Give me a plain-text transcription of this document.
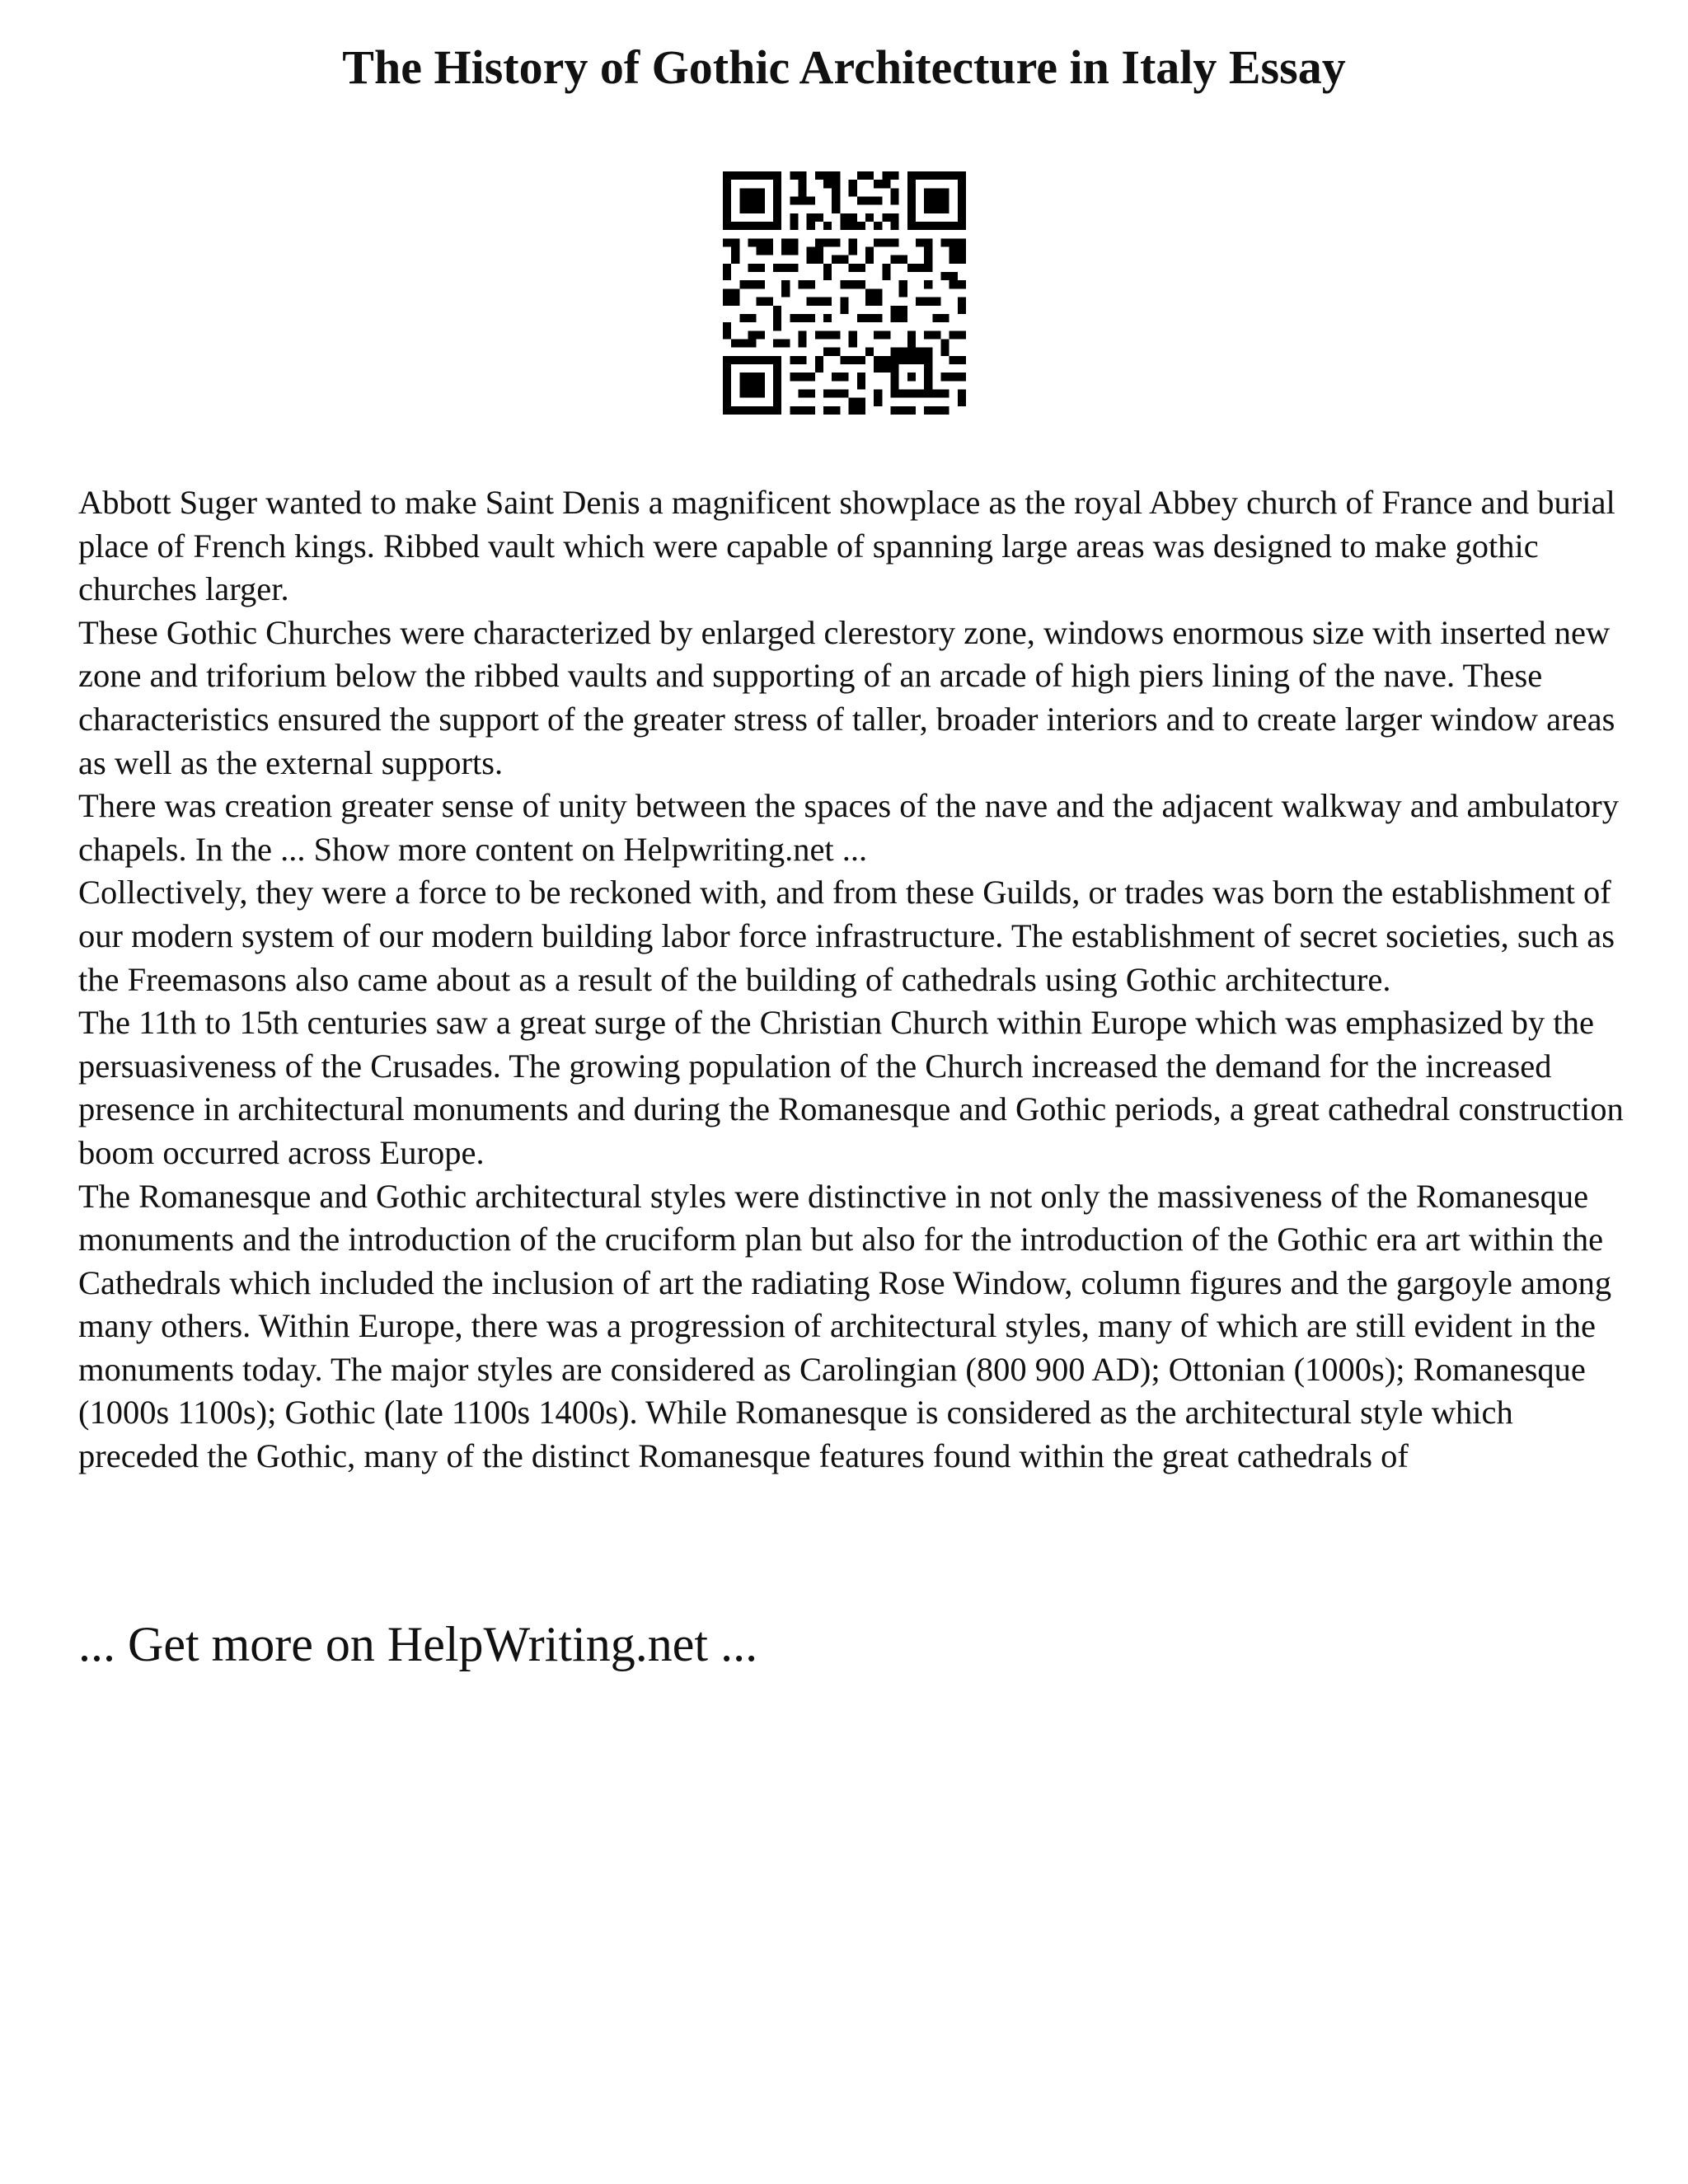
The History of Gothic Architecture in Italy Essay

Abbott Suger wanted to make Saint Denis a magnificent showplace as the royal Abbey church of France and burial place of French kings. Ribbed vault which were capable of spanning large areas was designed to make gothic churches larger.

These Gothic Churches were characterized by enlarged clerestory zone, windows enormous size with inserted new zone and triforium below the ribbed vaults and supporting of an arcade of high piers lining of the nave. These characteristics ensured the support of the greater stress of taller, broader interiors and to create larger window areas as well as the external supports.

There was creation greater sense of unity between the spaces of the nave and the adjacent walkway and ambulatory chapels. In the ... Show more content on Helpwriting.net ...

Collectively, they were a force to be reckoned with, and from these Guilds, or trades was born the establishment of our modern system of our modern building labor force infrastructure. The establishment of secret societies, such as the Freemasons also came about as a result of the building of cathedrals using Gothic architecture.

The 11th to 15th centuries saw a great surge of the Christian Church within Europe which was emphasized by the persuasiveness of the Crusades. The growing population of the Church increased the demand for the increased presence in architectural monuments and during the Romanesque and Gothic periods, a great cathedral construction boom occurred across Europe.

The Romanesque and Gothic architectural styles were distinctive in not only the massiveness of the Romanesque monuments and the introduction of the cruciform plan but also for the introduction of the Gothic era art within the Cathedrals which included the inclusion of art the radiating Rose Window, column figures and the gargoyle among many others. Within Europe, there was a progression of architectural styles, many of which are still evident in the monuments today. The major styles are considered as Carolingian (800 900 AD); Ottonian (1000s); Romanesque (1000s 1100s); Gothic (late 1100s 1400s). While Romanesque is considered as the architectural style which preceded the Gothic, many of the distinct Romanesque features found within the great cathedrals of

... Get more on HelpWriting.net ...
